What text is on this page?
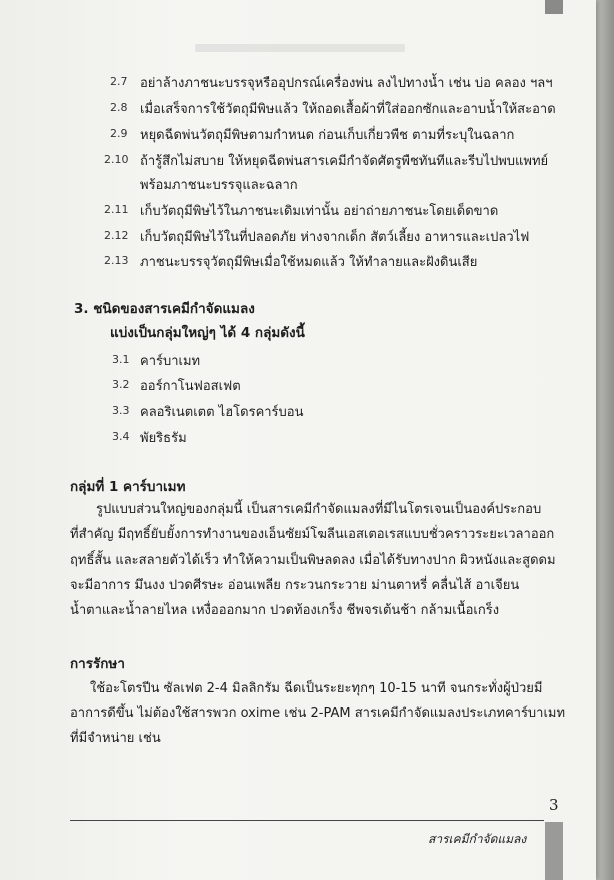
2.7 อย่าล้างภาชนะบรรจุหรืออุปกรณ์เครื่องพ่น ลงไปทางน้ำ เช่น บ่อ คลอง ฯลฯ
2.8 เมื่อเสร็จการใช้วัตถุมีพิษแล้ว ให้ถอดเสื้อผ้าที่ใส่ออกซักและอาบน้ำให้สะอาด
2.9 หยุดฉีดพ่นวัตถุมีพิษตามกำหนด ก่อนเก็บเกี่ยวพืช ตามที่ระบุในฉลาก
2.10 ถ้ารู้สึกไม่สบาย ให้หยุดฉีดพ่นสารเคมีกำจัดศัตรูพืชทันทีและรีบไปพบแพทย์
พร้อมภาชนะบรรจุและฉลาก
2.11 เก็บวัตถุมีพิษไว้ในภาชนะเดิมเท่านั้น อย่าถ่ายภาชนะโดยเด็ดขาด
2.12 เก็บวัตถุมีพิษไว้ในที่ปลอดภัย ห่างจากเด็ก สัตว์เลี้ยง อาหารและเปลวไฟ
2.13 ภาชนะบรรจุวัตถุมีพิษเมื่อใช้หมดแล้ว ให้ทำลายและฝังดินเสีย
3. ชนิดของสารเคมีกำจัดแมลง
แบ่งเป็นกลุ่มใหญ่ๆ ได้ 4 กลุ่มดังนี้
3.1 คาร์บาเมท
3.2 ออร์กาโนฟอสเฟต
3.3 คลอริเนตเตต ไฮโดรคาร์บอน
3.4 พัยริธรัม
กลุ่มที่ 1 คาร์บาเมท
รูปแบบส่วนใหญ่ของกลุ่มนี้ เป็นสารเคมีกำจัดแมลงที่มีไนโตรเจนเป็นองค์ประกอบ
ที่สำคัญ มีฤทธิ์ยับยั้งการทำงานของเอ็นซัยม์โฆลีนเอสเตอเรสแบบชั่วคราวระยะเวลาออก
ฤทธิ์สั้น และสลายตัวได้เร็ว ทำให้ความเป็นพิษลดลง เมื่อได้รับทางปาก ผิวหนังและสูดดม
จะมีอาการ มึนงง ปวดศีรษะ อ่อนเพลีย กระวนกระวาย ม่านตาหรี่ คลื่นไส้ อาเจียน
น้ำตาและน้ำลายไหล เหงื่อออกมาก ปวดท้องเกร็ง ชีพจรเต้นช้า กล้ามเนื้อเกร็ง
การรักษา
ใช้อะโตรปีน ซัลเฟต 2-4 มิลลิกรัม ฉีดเป็นระยะทุกๆ 10-15 นาที จนกระทั่งผู้ป่วยมี
อาการดีขึ้น ไม่ต้องใช้สารพวก oxime เช่น 2-PAM สารเคมีกำจัดแมลงประเภทคาร์บาเมท
ที่มีจำหน่าย เช่น
3
สารเคมีกำจัดแมลง
